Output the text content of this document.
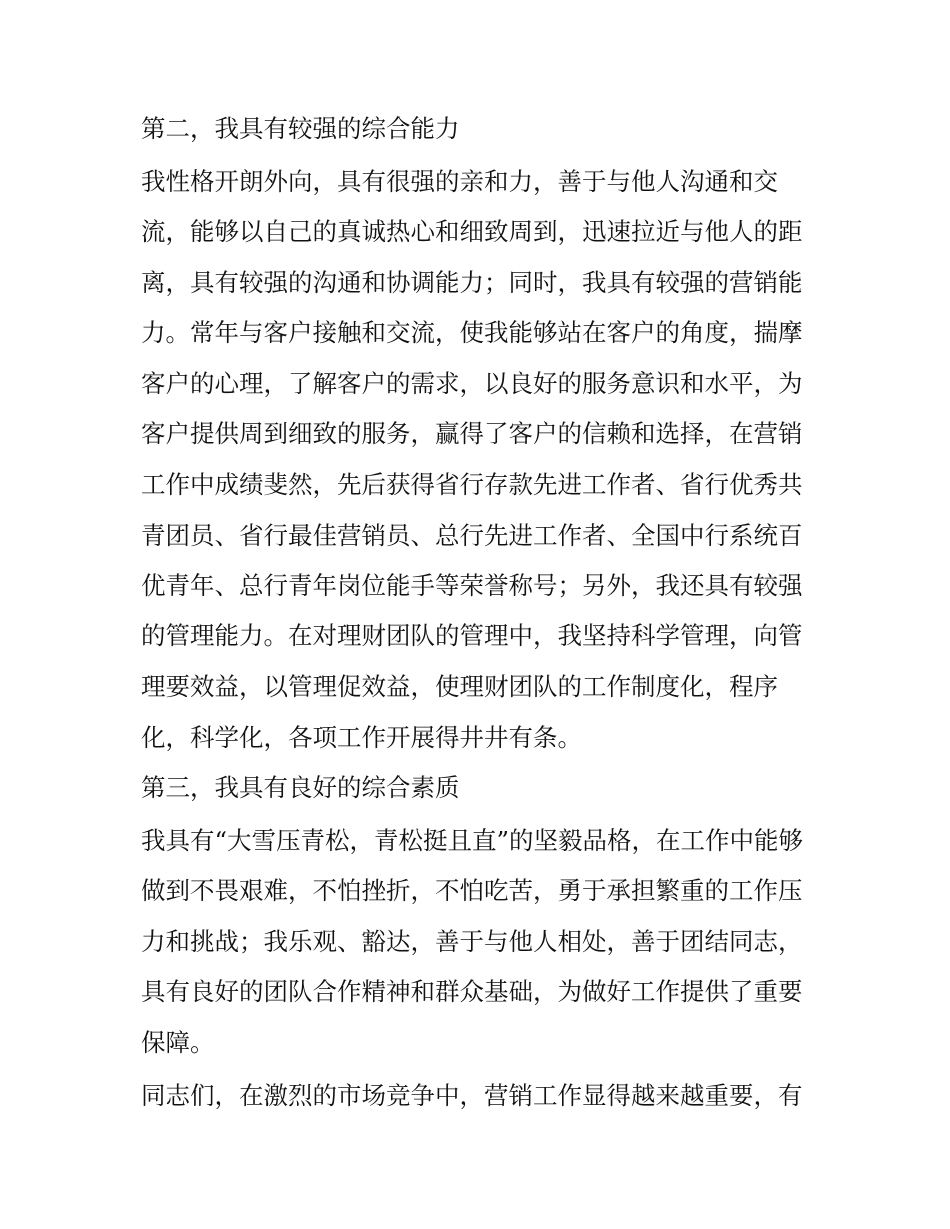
第二，我具有较强的综合能力
我性格开朗外向，具有很强的亲和力，善于与他人沟通和交
流，能够以自己的真诚热心和细致周到，迅速拉近与他人的距
离，具有较强的沟通和协调能力；同时，我具有较强的营销能
力。常年与客户接触和交流，使我能够站在客户的角度，揣摩
客户的心理，了解客户的需求，以良好的服务意识和水平，为
客户提供周到细致的服务，赢得了客户的信赖和选择，在营销
工作中成绩斐然，先后获得省行存款先进工作者、省行优秀共
青团员、省行最佳营销员、总行先进工作者、全国中行系统百
优青年、总行青年岗位能手等荣誉称号；另外，我还具有较强
的管理能力。在对理财团队的管理中，我坚持科学管理，向管
理要效益，以管理促效益，使理财团队的工作制度化，程序
化，科学化，各项工作开展得井井有条。
第三，我具有良好的综合素质
我具有“大雪压青松，青松挺且直”的坚毅品格，在工作中能够
做到不畏艰难，不怕挫折，不怕吃苦，勇于承担繁重的工作压
力和挑战；我乐观、豁达，善于与他人相处，善于团结同志，
具有良好的团队合作精神和群众基础，为做好工作提供了重要
保障。
同志们，在激烈的市场竞争中，营销工作显得越来越重要，有
